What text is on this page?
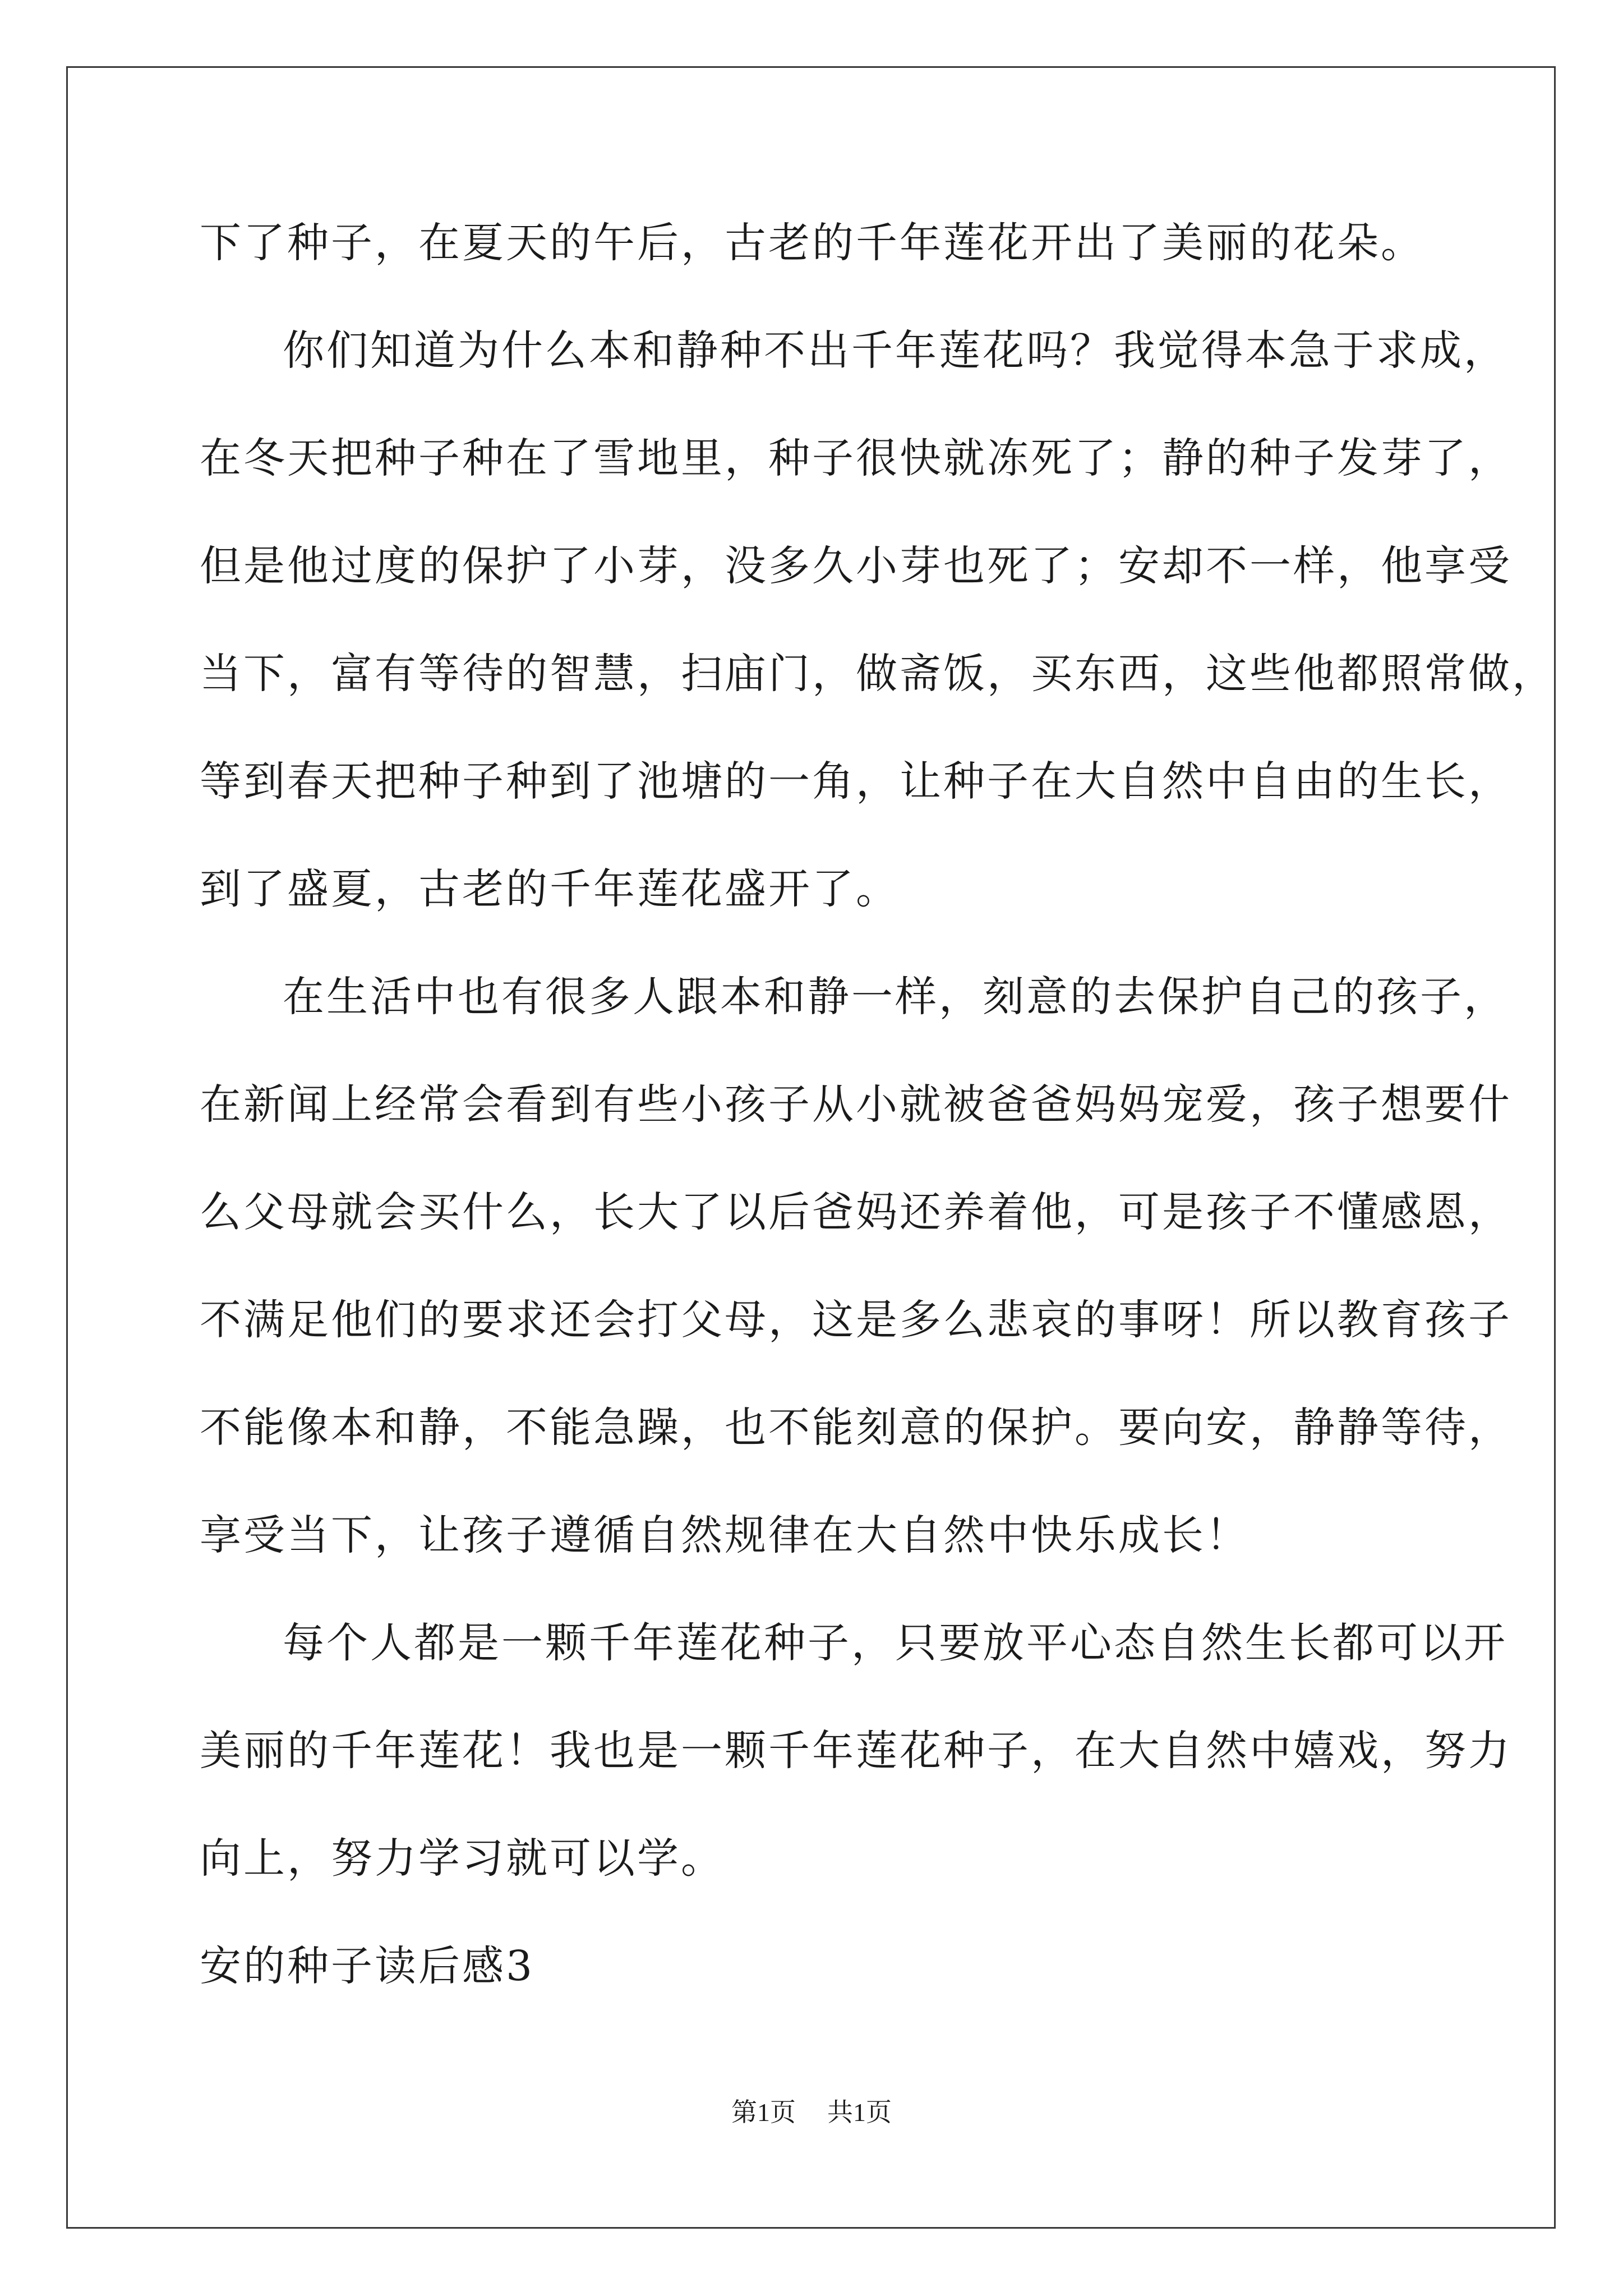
下了种子，在夏天的午后，古老的千年莲花开出了美丽的花朵。
你们知道为什么本和静种不出千年莲花吗？我觉得本急于求成，
在冬天把种子种在了雪地里，种子很快就冻死了；静的种子发芽了，
但是他过度的保护了小芽，没多久小芽也死了；安却不一样，他享受
当下，富有等待的智慧，扫庙门，做斋饭，买东西，这些他都照常做，
等到春天把种子种到了池塘的一角，让种子在大自然中自由的生长，
到了盛夏，古老的千年莲花盛开了。
在生活中也有很多人跟本和静一样，刻意的去保护自己的孩子，
在新闻上经常会看到有些小孩子从小就被爸爸妈妈宠爱，孩子想要什
么父母就会买什么，长大了以后爸妈还养着他，可是孩子不懂感恩，
不满足他们的要求还会打父母，这是多么悲哀的事呀！所以教育孩子
不能像本和静，不能急躁，也不能刻意的保护。要向安，静静等待，
享受当下，让孩子遵循自然规律在大自然中快乐成长！
每个人都是一颗千年莲花种子，只要放平心态自然生长都可以开
美丽的千年莲花！我也是一颗千年莲花种子，在大自然中嬉戏，努力
向上，努力学习就可以学。
安的种子读后感3
第1页 共1页
